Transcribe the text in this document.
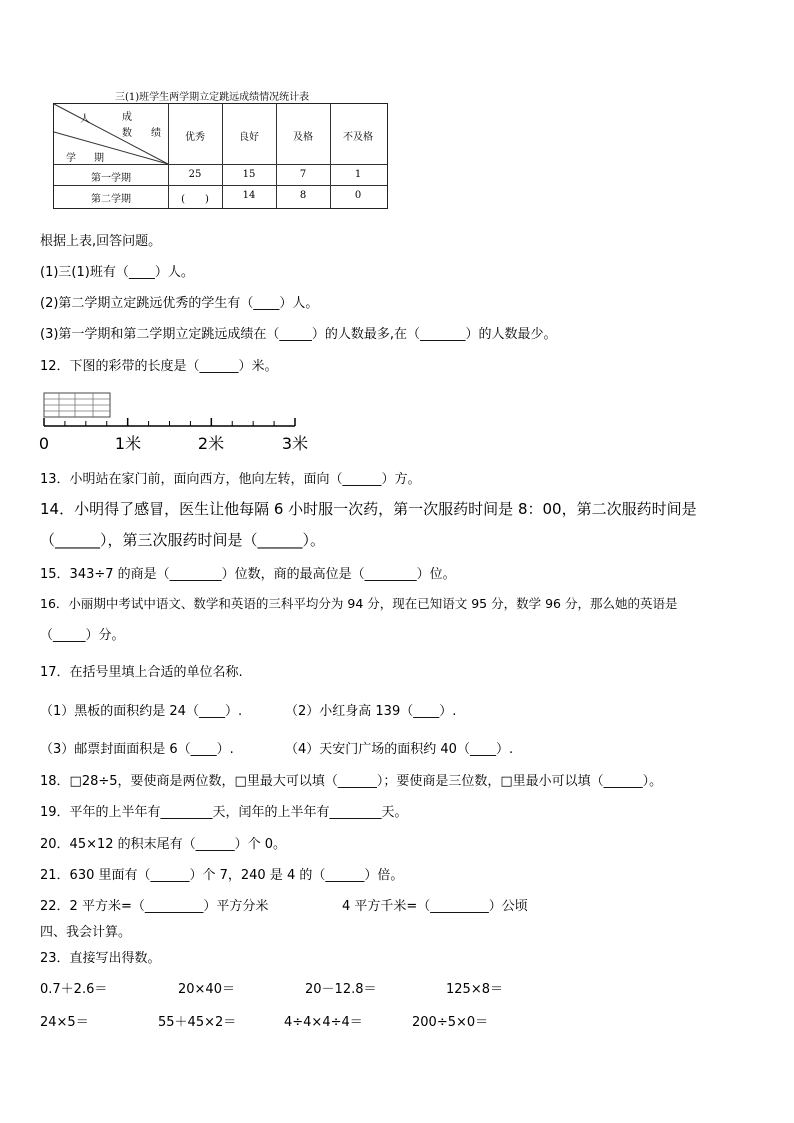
三(1)班学生两学期立定跳远成绩情况统计表
人
数
成
绩
学 期
优秀	良好	及格	不及格
第一学期	25	15	7	1
第二学期	(　　)	14	8	0
根据上表,回答问题。
(1)三(1)班有（____）人。
(2)第二学期立定跳远优秀的学生有（____）人。
(3)第一学期和第二学期立定跳远成绩在（_____）的人数最多,在（_______）的人数最少。
12．下图的彩带的长度是（______）米。
0	1米	2米	3米
13．小明站在家门前，面向西方，他向左转，面向（______）方。
14．小明得了感冒，医生让他每隔 6 小时服一次药，第一次服药时间是 8：00，第二次服药时间是
（______），第三次服药时间是（______）。
15．343÷7 的商是（________）位数，商的最高位是（________）位。
16．小丽期中考试中语文、数学和英语的三科平均分为 94 分，现在已知语文 95 分，数学 96 分，那么她的英语是
（_____）分。
17．在括号里填上合适的单位名称.
（1）黑板的面积约是 24（____）.	（2）小红身高 139（____）.
（3）邮票封面面积是 6（____）.	（4）天安门广场的面积约 40（____）.
18．□28÷5，要使商是两位数，□里最大可以填（______）；要使商是三位数，□里最小可以填（______）。
19．平年的上半年有________天，闰年的上半年有________天。
20．45×12 的积末尾有（______）个 0。
21．630 里面有（______）个 7，240 是 4 的（______）倍。
22．2 平方米=（_________）平方分米	4 平方千米=（_________）公顷
四、我会计算。
23．直接写出得数。
0.7＋2.6＝	20×40＝	20－12.8＝	125×8＝
24×5＝	55＋45×2＝	4÷4×4÷4＝	200÷5×0＝
